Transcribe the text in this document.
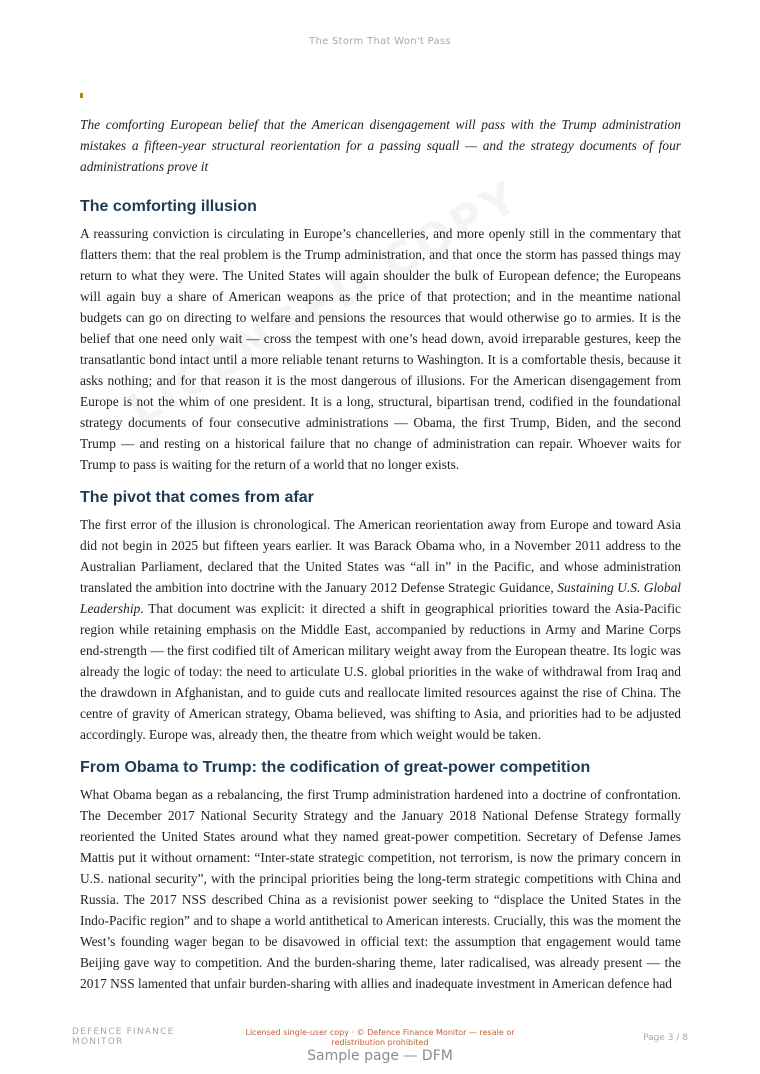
The Storm That Won't Pass

The comforting European belief that the American disengagement will pass with the Trump administration mistakes a fifteen-year structural reorientation for a passing squall — and the strategy documents of four administrations prove it

The comforting illusion

A reassuring conviction is circulating in Europe’s chancelleries, and more openly still in the commentary that flatters them: that the real problem is the Trump administration, and that once the storm has passed things may return to what they were. The United States will again shoulder the bulk of European defence; the Europeans will again buy a share of American weapons as the price of that protection; and in the meantime national budgets can go on directing to welfare and pensions the resources that would otherwise go to armies. It is the belief that one need only wait — cross the tempest with one’s head down, avoid irreparable gestures, keep the transatlantic bond intact until a more reliable tenant returns to Washington. It is a comfortable thesis, because it asks nothing; and for that reason it is the most dangerous of illusions. For the American disengagement from Europe is not the whim of one president. It is a long, structural, bipartisan trend, codified in the foundational strategy documents of four consecutive administrations — Obama, the first Trump, Biden, and the second Trump — and resting on a historical failure that no change of administration can repair. Whoever waits for Trump to pass is waiting for the return of a world that no longer exists.

The pivot that comes from afar

The first error of the illusion is chronological. The American reorientation away from Europe and toward Asia did not begin in 2025 but fifteen years earlier. It was Barack Obama who, in a November 2011 address to the Australian Parliament, declared that the United States was “all in” in the Pacific, and whose administration translated the ambition into doctrine with the January 2012 Defense Strategic Guidance, Sustaining U.S. Global Leadership. That document was explicit: it directed a shift in geographical priorities toward the Asia-Pacific region while retaining emphasis on the Middle East, accompanied by reductions in Army and Marine Corps end-strength — the first codified tilt of American military weight away from the European theatre. Its logic was already the logic of today: the need to articulate U.S. global priorities in the wake of withdrawal from Iraq and the drawdown in Afghanistan, and to guide cuts and reallocate limited resources against the rise of China. The centre of gravity of American strategy, Obama believed, was shifting to Asia, and priorities had to be adjusted accordingly. Europe was, already then, the theatre from which weight would be taken.

From Obama to Trump: the codification of great-power competition

What Obama began as a rebalancing, the first Trump administration hardened into a doctrine of confrontation. The December 2017 National Security Strategy and the January 2018 National Defense Strategy formally reoriented the United States around what they named great-power competition. Secretary of Defense James Mattis put it without ornament: “Inter-state strategic competition, not terrorism, is now the primary concern in U.S. national security”, with the principal priorities being the long-term strategic competitions with China and Russia. The 2017 NSS described China as a revisionist power seeking to “displace the United States in the Indo-Pacific region” and to shape a world antithetical to American interests. Crucially, this was the moment the West’s founding wager began to be disavowed in official text: the assumption that engagement would tame Beijing gave way to competition. And the burden-sharing theme, later radicalised, was already present — the 2017 NSS lamented that unfair burden-sharing with allies and inadequate investment in American defence had

DEFENCE FINANCE
MONITOR
Licensed single-user copy · © Defence Finance Monitor — resale or redistribution prohibited	Page 3 / 8
Sample page — DFM
